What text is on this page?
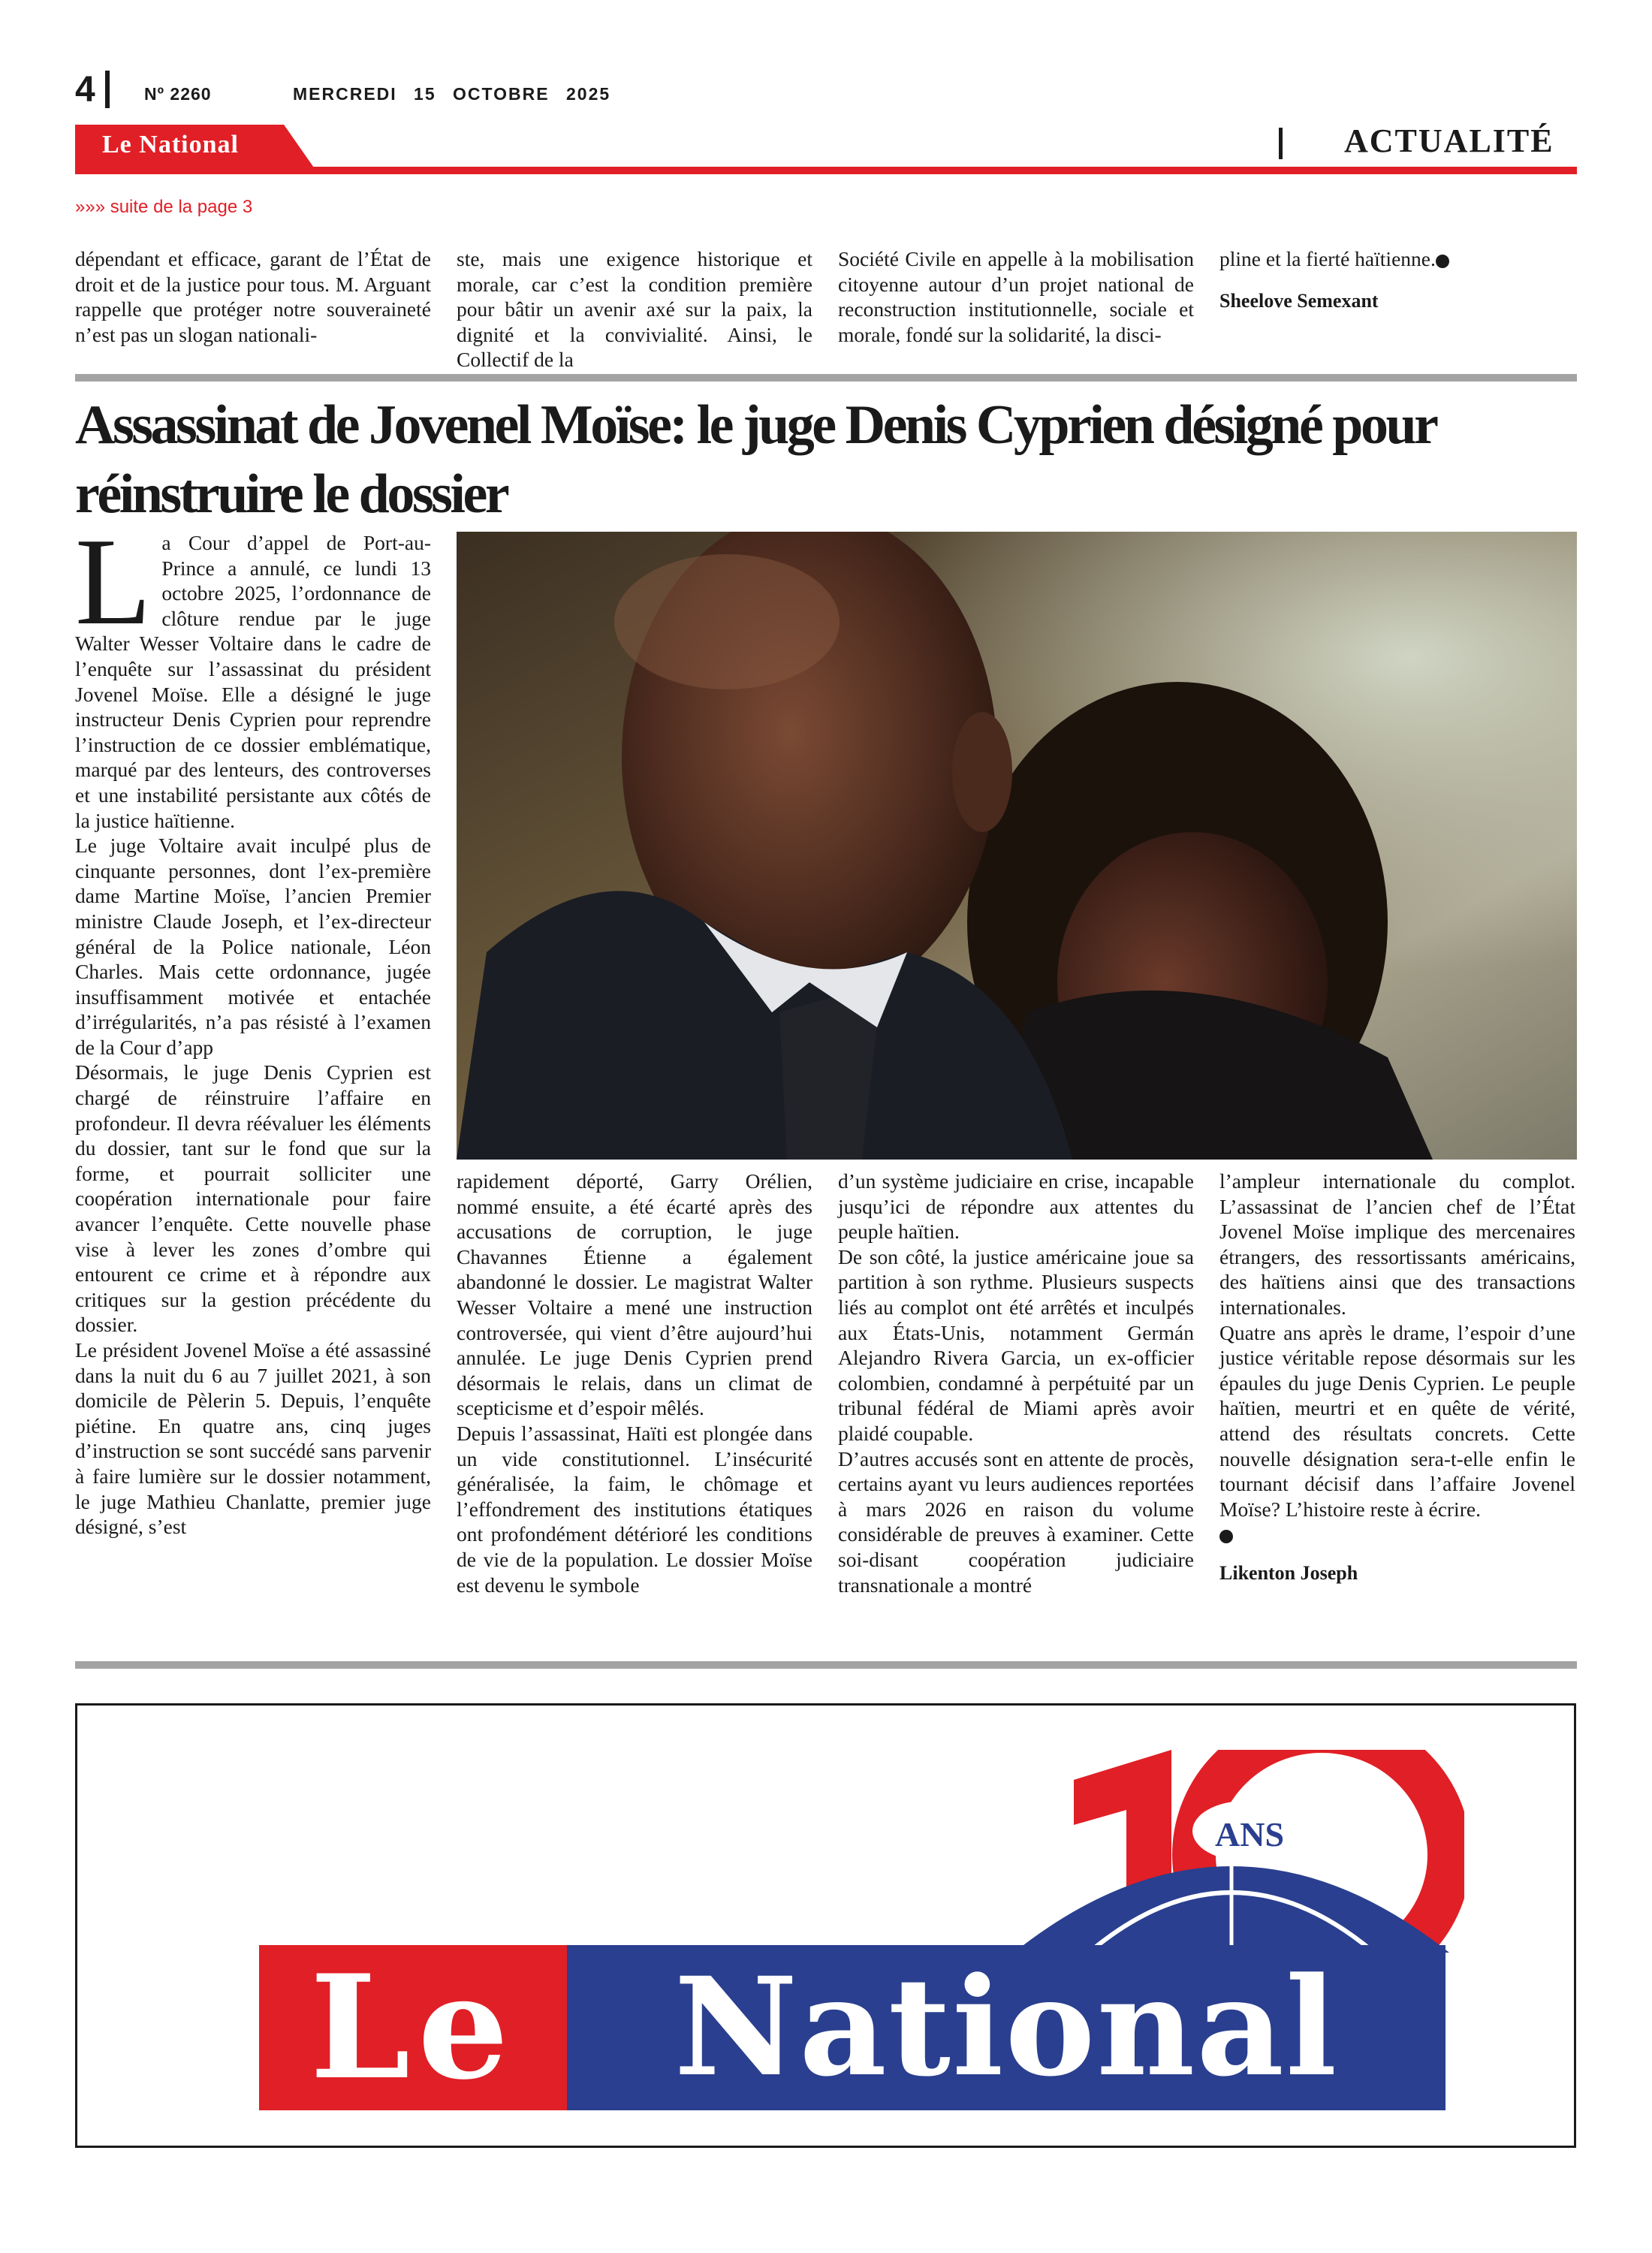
4	Nº 2260	MERCREDI 15 OCTOBRE 2025
Le National	ACTUALITÉ
»»» suite de la page 3

dépendant et efficace, garant de l’État de droit et de la justice pour tous. M. Arguant rappelle que protéger notre souveraineté n’est pas un slogan nationali-

ste, mais une exigence historique et morale, car c’est la condition première pour bâtir un avenir axé sur la paix, la dignité et la convivialité. Ainsi, le Collectif de la

Société Civile en appelle à la mobilisation citoyenne autour d’un projet national de reconstruction institutionnelle, sociale et morale, fondé sur la solidarité, la disci-

pline et la fierté haïtienne.

Sheelove Semexant

Assassinat de Jovenel Moïse: le juge Denis Cyprien désigné pour réinstruire le dossier

La Cour d’appel de Port-au-Prince a annulé, ce lundi 13 octobre 2025, l’ordonnance de clôture rendue par le juge Walter Wesser Voltaire dans le cadre de l’enquête sur l’assassinat du président Jovenel Moïse. Elle a désigné le juge instructeur Denis Cyprien pour reprendre l’instruction de ce dossier emblématique, marqué par des lenteurs, des controverses et une instabilité persistante aux côtés de la justice haïtienne.

Le juge Voltaire avait inculpé plus de cinquante personnes, dont l’ex-première dame Martine Moïse, l’ancien Premier ministre Claude Joseph, et l’ex-directeur général de la Police nationale, Léon Charles. Mais cette ordonnance, jugée insuffisamment motivée et entachée d’irrégularités, n’a pas résisté à l’examen de la Cour d’app

Désormais, le juge Denis Cyprien est chargé de réinstruire l’affaire en profondeur. Il devra réévaluer les éléments du dossier, tant sur le fond que sur la forme, et pourrait solliciter une coopération internationale pour faire avancer l’enquête. Cette nouvelle phase vise à lever les zones d’ombre qui entourent ce crime et à répondre aux critiques sur la gestion précédente du dossier.

Le président Jovenel Moïse a été assassiné dans la nuit du 6 au 7 juillet 2021, à son domicile de Pèlerin 5. Depuis, l’enquête piétine. En quatre ans, cinq juges d’instruction se sont succédé sans parvenir à faire lumière sur le dossier notamment, le juge Mathieu Chanlatte, premier juge désigné, s’est

rapidement déporté, Garry Orélien, nommé ensuite, a été écarté après des accusations de corruption, le juge Chavannes Étienne a également abandonné le dossier. Le magistrat Walter Wesser Voltaire a mené une instruction controversée, qui vient d’être aujourd’hui annulée. Le juge Denis Cyprien prend désormais le relais, dans un climat de scepticisme et d’espoir mêlés.

Depuis l’assassinat, Haïti est plongée dans un vide constitutionnel. L’insécurité généralisée, la faim, le chômage et l’effondrement des institutions étatiques ont profondément détérioré les conditions de vie de la population. Le dossier Moïse est devenu le symbole

d’un système judiciaire en crise, incapable jusqu’ici de répondre aux attentes du peuple haïtien.

De son côté, la justice américaine joue sa partition à son rythme. Plusieurs suspects liés au complot ont été arrêtés et inculpés aux États-Unis, notamment Germán Alejandro Rivera Garcia, un ex-officier colombien, condamné à perpétuité par un tribunal fédéral de Miami après avoir plaidé coupable.

D’autres accusés sont en attente de procès, certains ayant vu leurs audiences reportées à mars 2026 en raison du volume considérable de preuves à examiner. Cette soi-disant coopération judiciaire transnationale a montré

l’ampleur internationale du complot. L’assassinat de l’ancien chef de l’État Jovenel Moïse implique des mercenaires étrangers, des ressortissants américains, des haïtiens ainsi que des transactions internationales.

Quatre ans après le drame, l’espoir d’une justice véritable repose désormais sur les épaules du juge Denis Cyprien. Le peuple haïtien, meurtri et en quête de vérité, attend des résultats concrets. Cette nouvelle désignation sera-t-elle enfin le tournant décisif dans l’affaire Jovenel Moïse? L’histoire reste à écrire.

Likenton Joseph

ANS
Le	National
